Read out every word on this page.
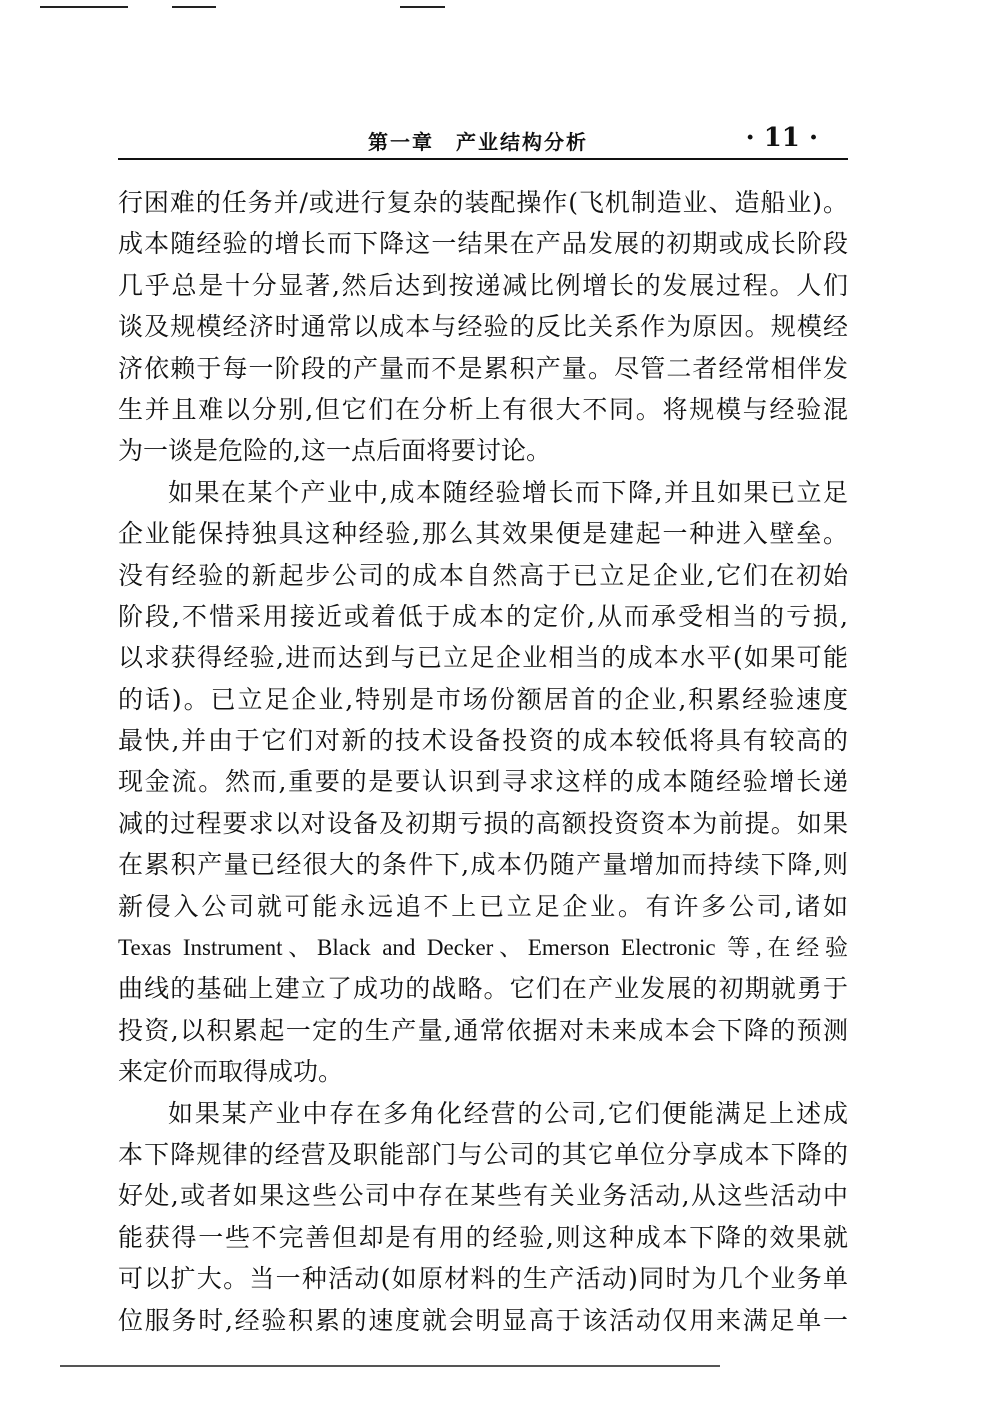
第一章　产业结构分析	· 11 ·
行困难的任务并/或进行复杂的装配操作(飞机制造业、造船业)。
成本随经验的增长而下降这一结果在产品发展的初期或成长阶段
几乎总是十分显著,然后达到按递减比例增长的发展过程。人们
谈及规模经济时通常以成本与经验的反比关系作为原因。规模经
济依赖于每一阶段的产量而不是累积产量。尽管二者经常相伴发
生并且难以分别,但它们在分析上有很大不同。将规模与经验混
为一谈是危险的,这一点后面将要讨论。
如果在某个产业中,成本随经验增长而下降,并且如果已立足
企业能保持独具这种经验,那么其效果便是建起一种进入壁垒。
没有经验的新起步公司的成本自然高于已立足企业,它们在初始
阶段,不惜采用接近或着低于成本的定价,从而承受相当的亏损,
以求获得经验,进而达到与已立足企业相当的成本水平(如果可能
的话)。已立足企业,特别是市场份额居首的企业,积累经验速度
最快,并由于它们对新的技术设备投资的成本较低将具有较高的
现金流。然而,重要的是要认识到寻求这样的成本随经验增长递
减的过程要求以对设备及初期亏损的高额投资资本为前提。如果
在累积产量已经很大的条件下,成本仍随产量增加而持续下降,则
新侵入公司就可能永远追不上已立足企业。有许多公司,诸如
Texas Instrument、Black and Decker、Emerson Electronic 等,在经验
曲线的基础上建立了成功的战略。它们在产业发展的初期就勇于
投资,以积累起一定的生产量,通常依据对未来成本会下降的预测
来定价而取得成功。
如果某产业中存在多角化经营的公司,它们便能满足上述成
本下降规律的经营及职能部门与公司的其它单位分享成本下降的
好处,或者如果这些公司中存在某些有关业务活动,从这些活动中
能获得一些不完善但却是有用的经验,则这种成本下降的效果就
可以扩大。当一种活动(如原材料的生产活动)同时为几个业务单
位服务时,经验积累的速度就会明显高于该活动仅用来满足单一
